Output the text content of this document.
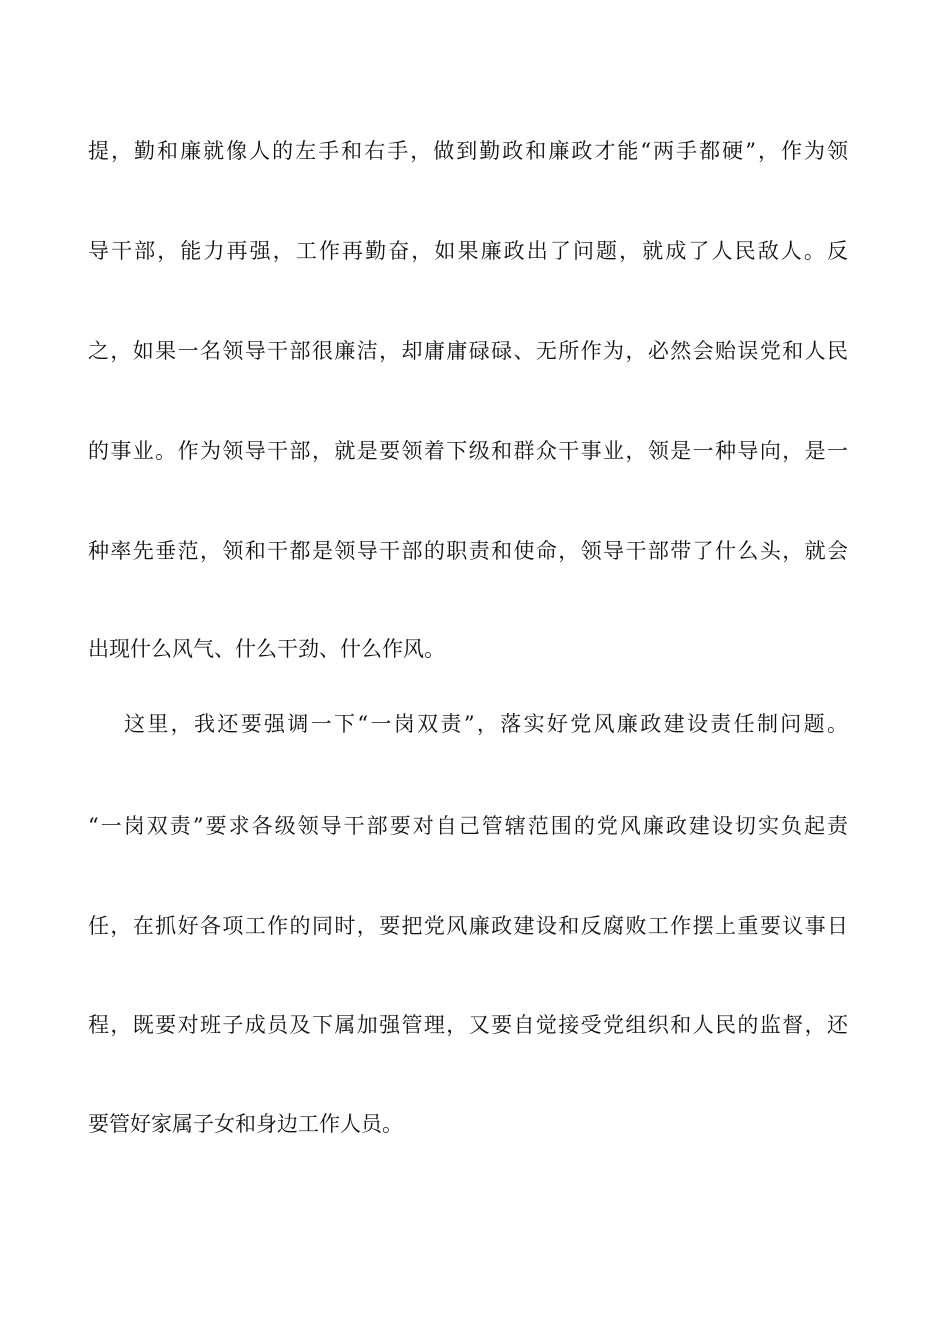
提，勤和廉就像人的左手和右手，做到勤政和廉政才能“两手都硬”，作为领
导干部，能力再强，工作再勤奋，如果廉政出了问题，就成了人民敌人。反
之，如果一名领导干部很廉洁，却庸庸碌碌、无所作为，必然会贻误党和人民
的事业。作为领导干部，就是要领着下级和群众干事业，领是一种导向，是一
种率先垂范，领和干都是领导干部的职责和使命，领导干部带了什么头，就会
出现什么风气、什么干劲、什么作风。
这里，我还要强调一下“一岗双责”，落实好党风廉政建设责任制问题。
“一岗双责”要求各级领导干部要对自己管辖范围的党风廉政建设切实负起责
任，在抓好各项工作的同时，要把党风廉政建设和反腐败工作摆上重要议事日
程，既要对班子成员及下属加强管理，又要自觉接受党组织和人民的监督，还
要管好家属子女和身边工作人员。
